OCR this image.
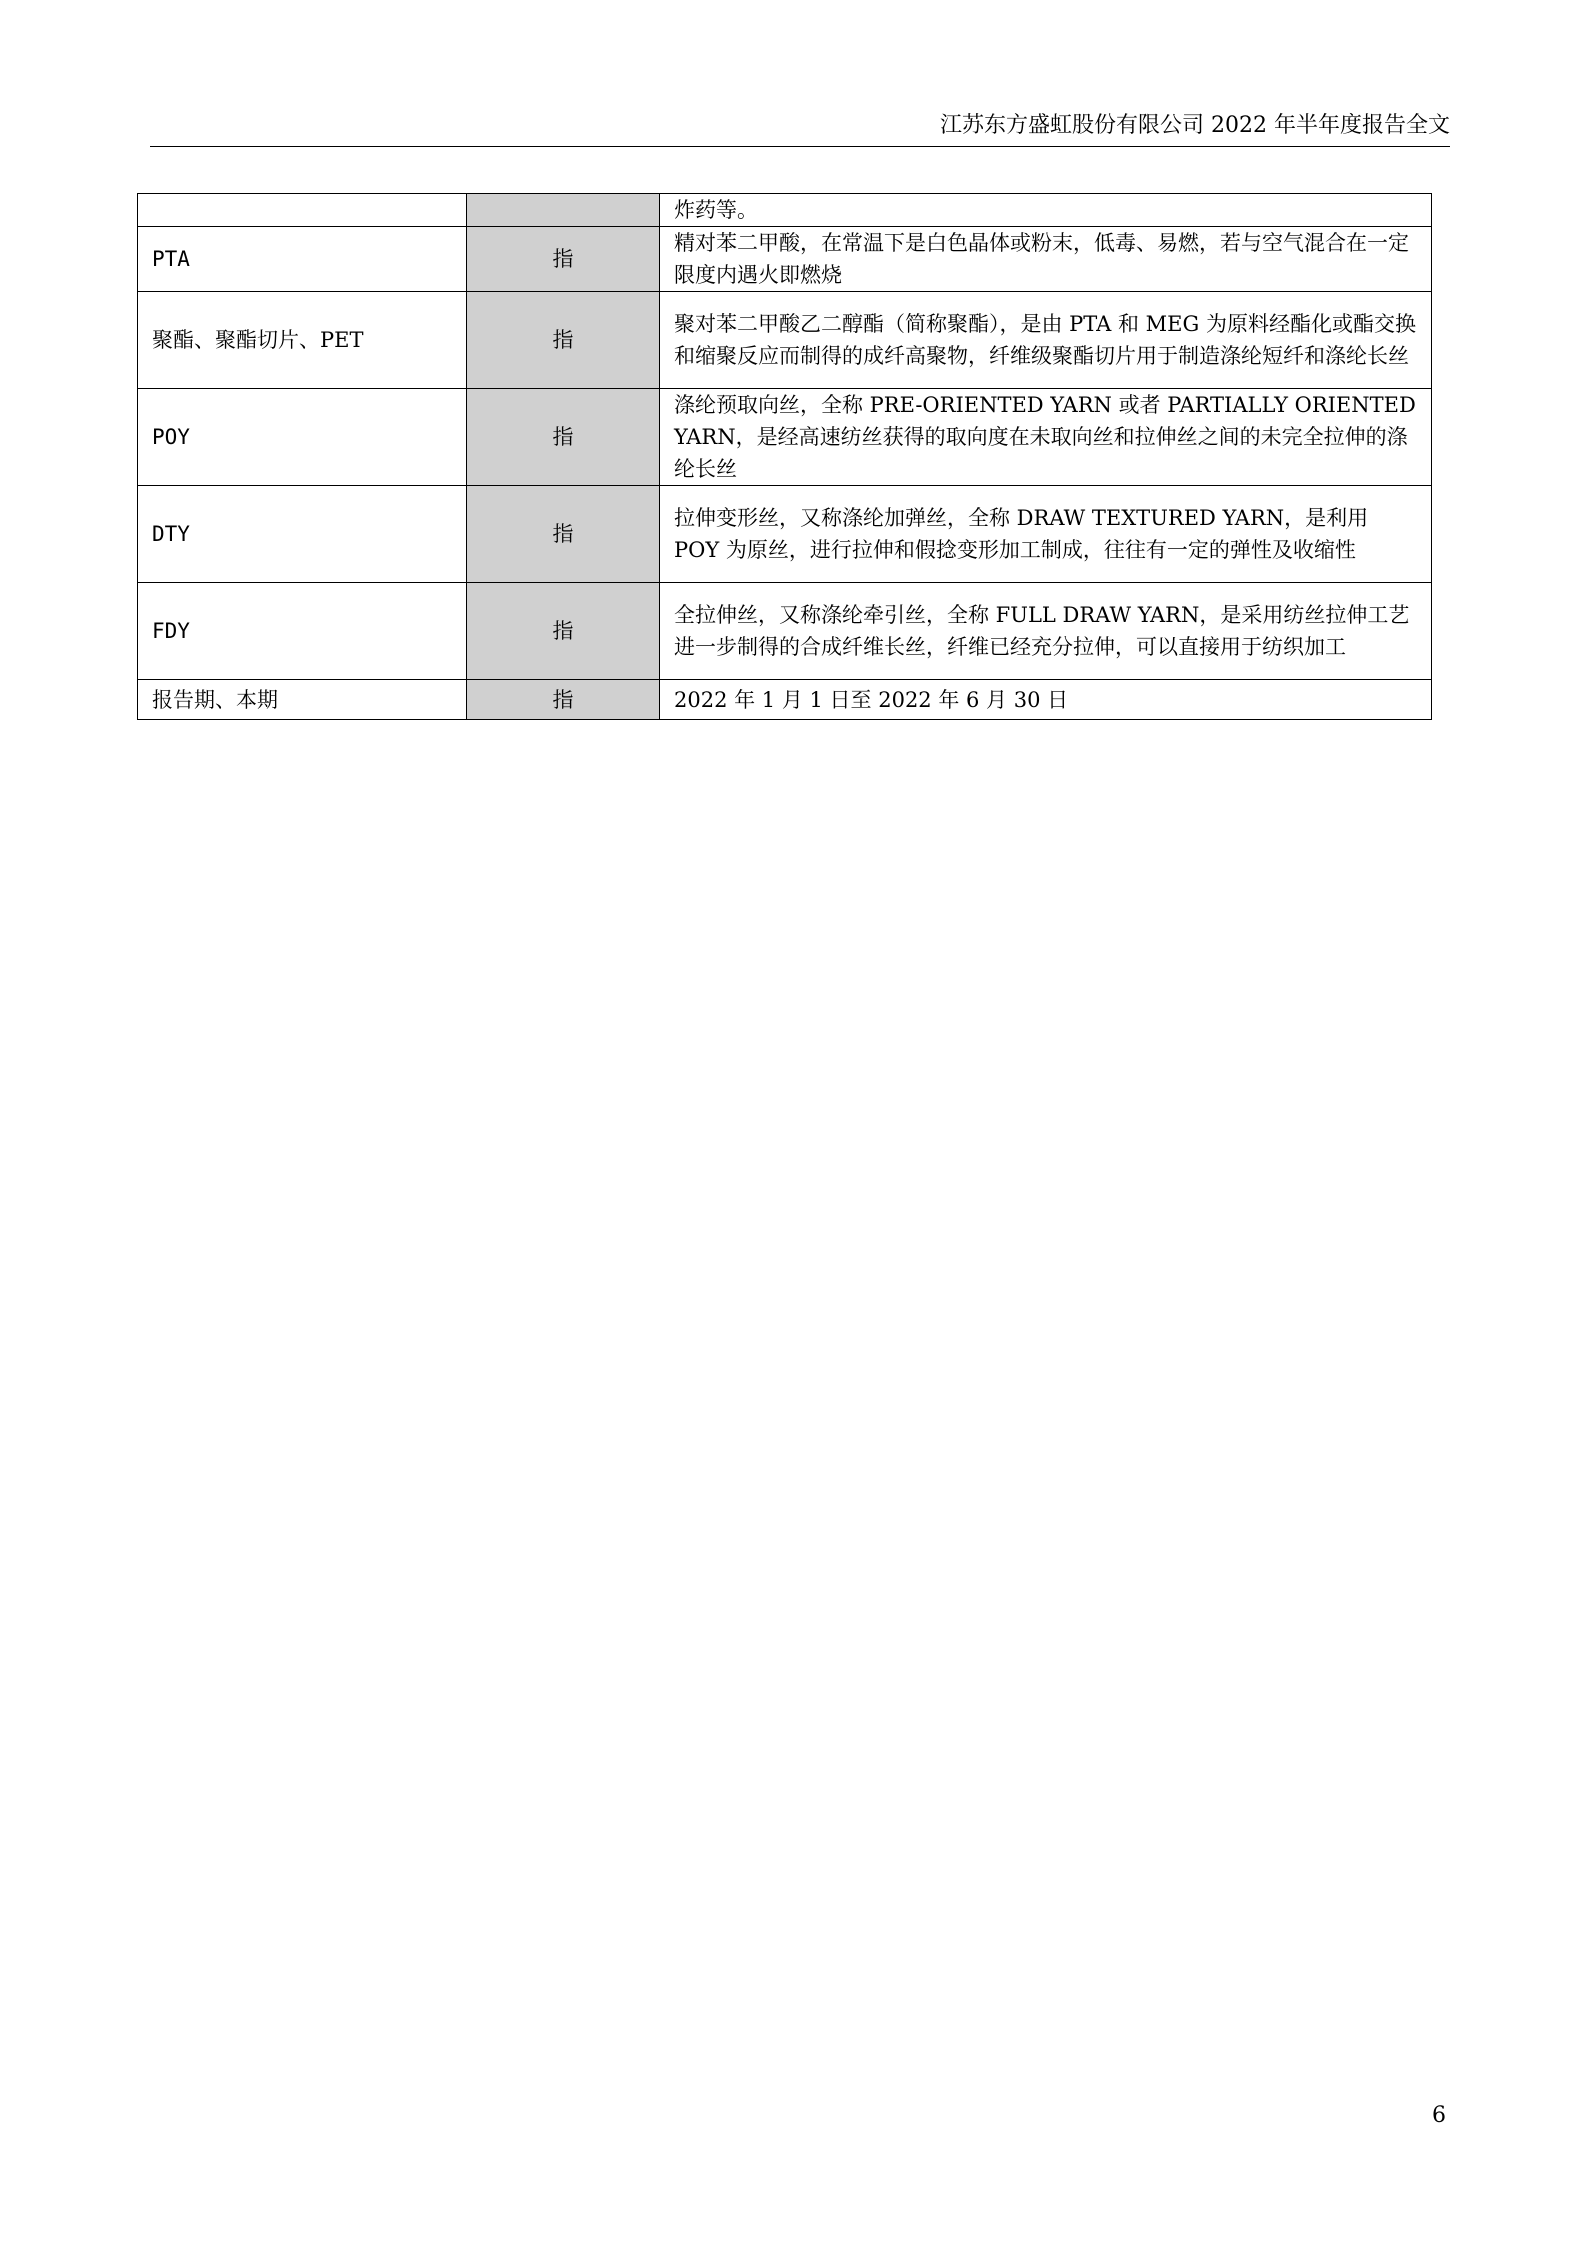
江苏东方盛虹股份有限公司 2022 年半年度报告全文
		炸药等。
PTA	指	精对苯二甲酸，在常温下是白色晶体或粉末，低毒、易燃，若与空气混合在一定限度内遇火即燃烧
聚酯、聚酯切片、PET	指	聚对苯二甲酸乙二醇酯（简称聚酯），是由 PTA 和 MEG 为原料经酯化或酯交换和缩聚反应而制得的成纤高聚物，纤维级聚酯切片用于制造涤纶短纤和涤纶长丝
POY	指	涤纶预取向丝，全称 PRE-ORIENTED YARN 或者 PARTIALLY ORIENTED YARN，是经高速纺丝获得的取向度在未取向丝和拉伸丝之间的未完全拉伸的涤纶长丝
DTY	指	拉伸变形丝，又称涤纶加弹丝，全称 DRAW TEXTURED YARN，是利用 POY 为原丝，进行拉伸和假捻变形加工制成，往往有一定的弹性及收缩性
FDY	指	全拉伸丝，又称涤纶牵引丝，全称 FULL DRAW YARN，是采用纺丝拉伸工艺进一步制得的合成纤维长丝，纤维已经充分拉伸，可以直接用于纺织加工
报告期、本期	指	2022 年 1 月 1 日至 2022 年 6 月 30 日
6
